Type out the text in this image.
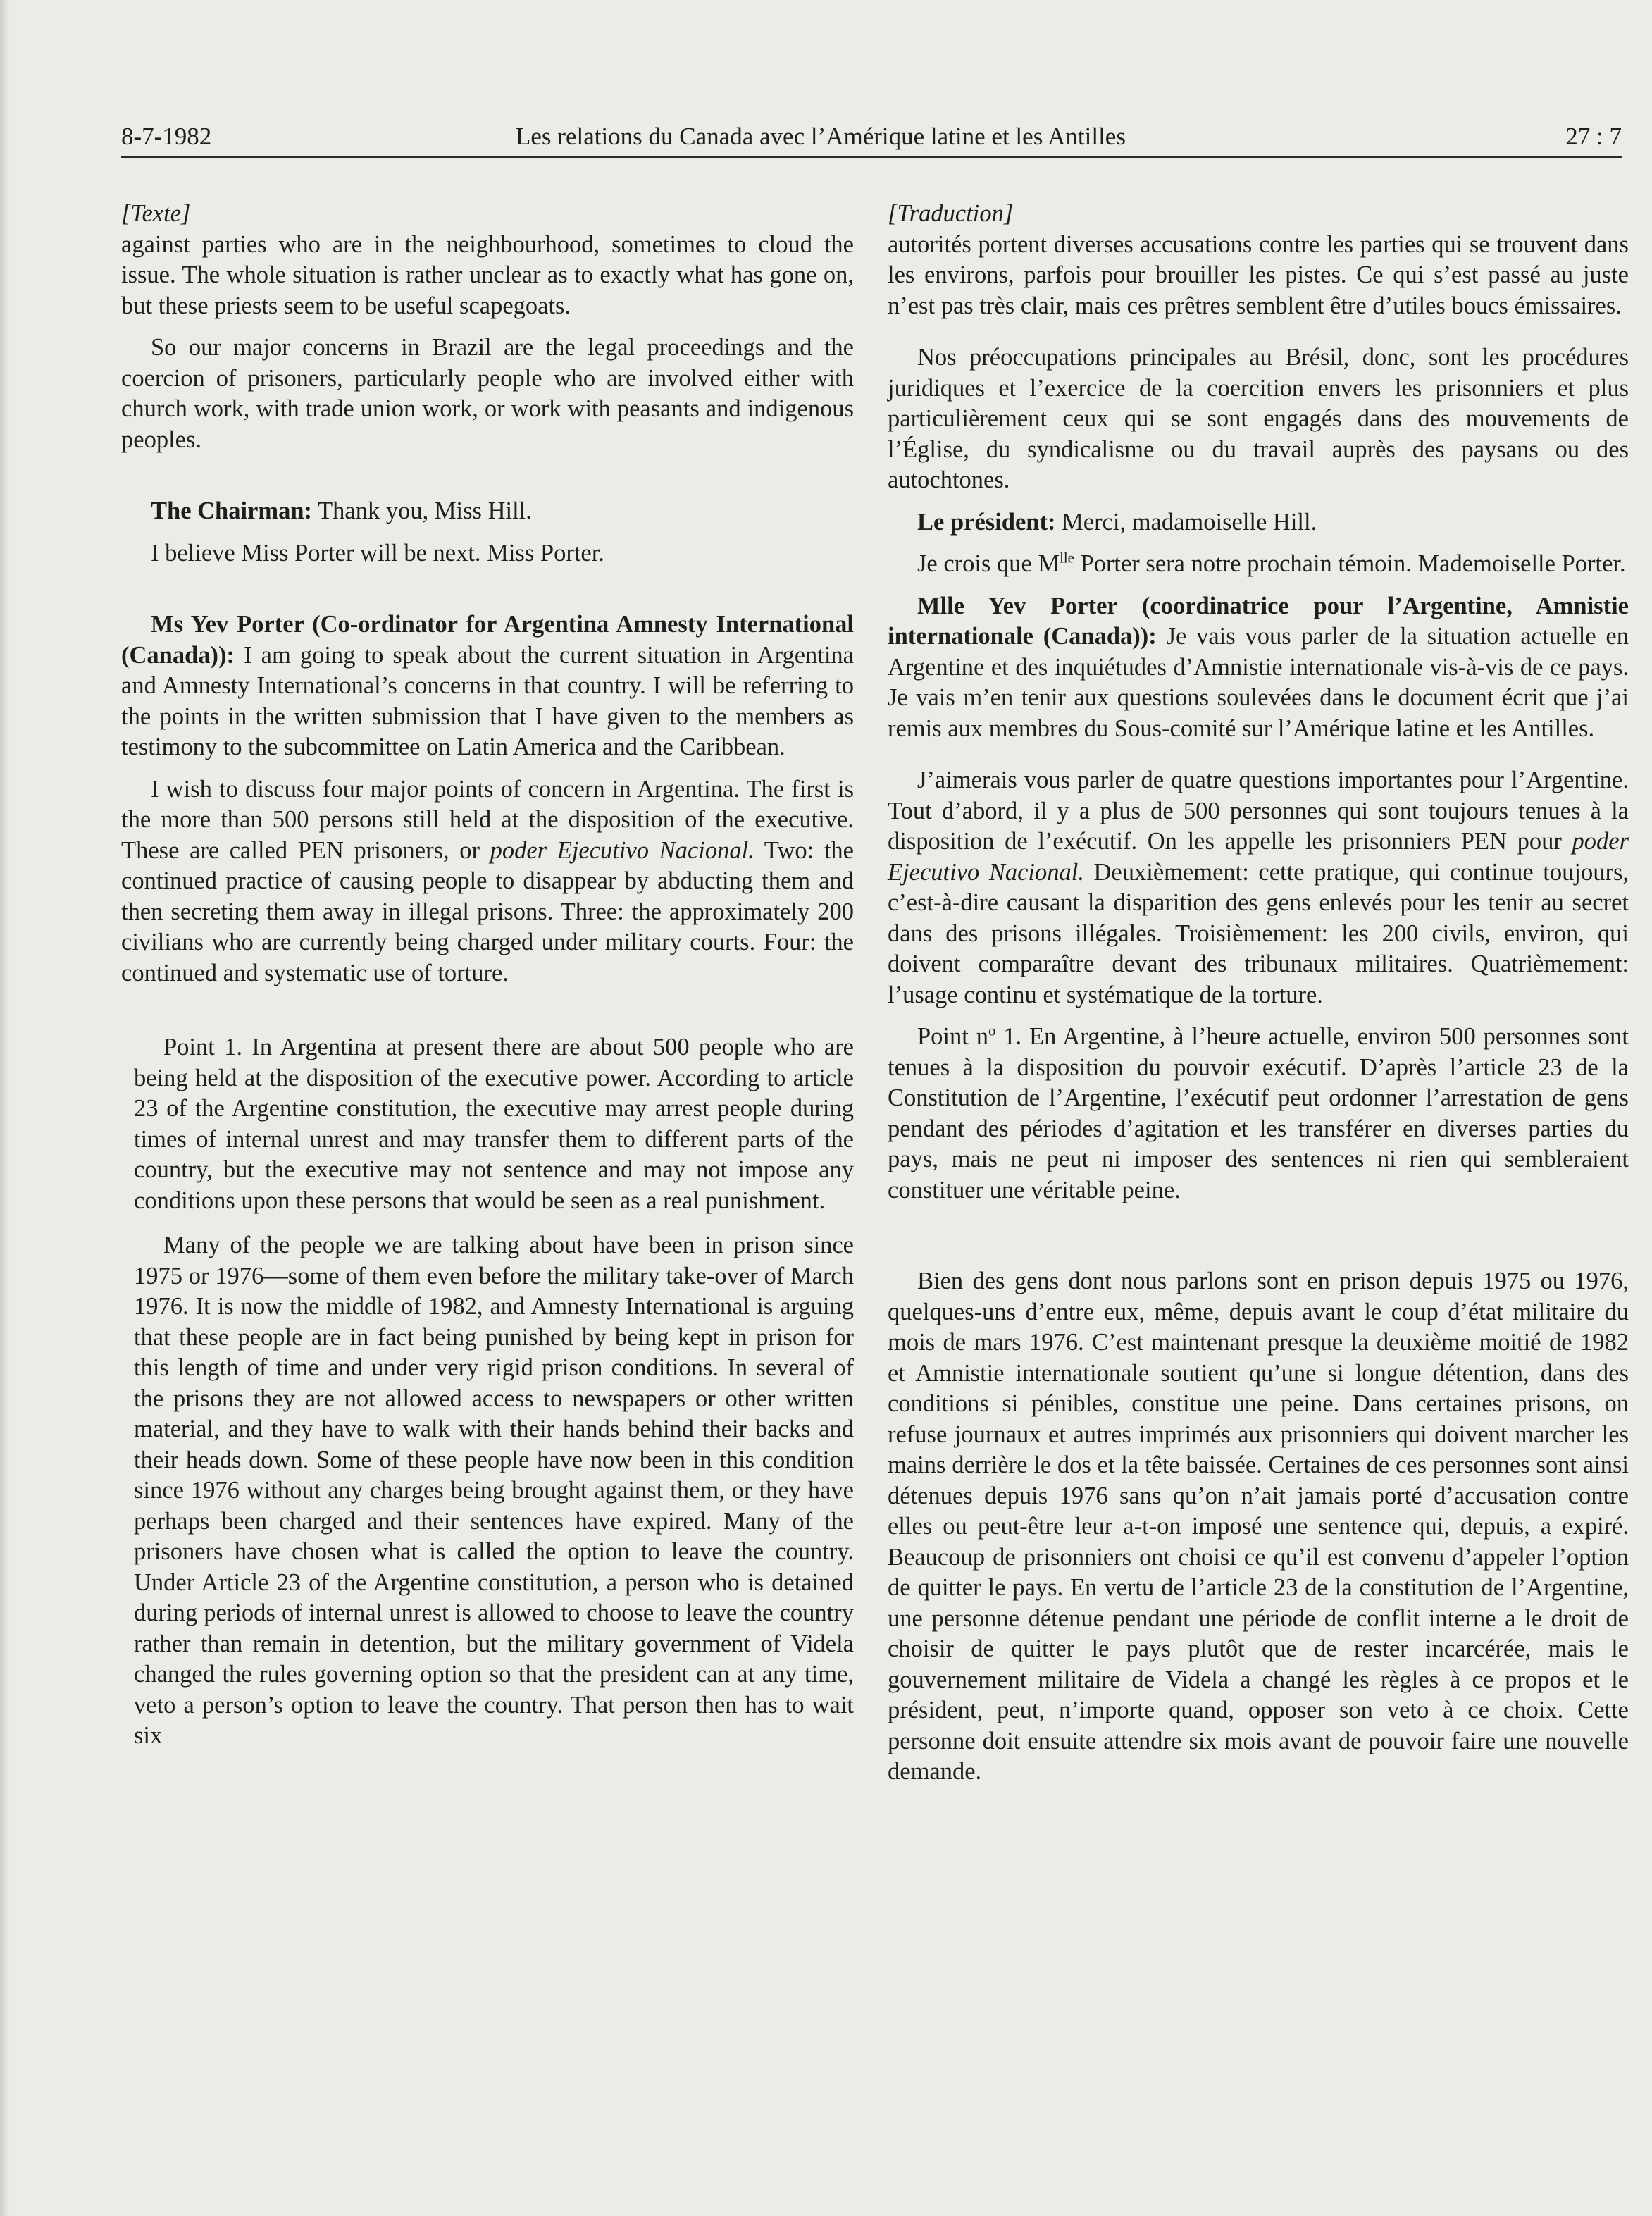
8-7-1982	Les relations du Canada avec l’Amérique latine et les Antilles	27 : 7

[Texte]

against parties who are in the neighbourhood, sometimes to cloud the issue. The whole situation is rather unclear as to exactly what has gone on, but these priests seem to be useful scapegoats.

So our major concerns in Brazil are the legal proceedings and the coercion of prisoners, particularly people who are involved either with church work, with trade union work, or work with peasants and indigenous peoples.

The Chairman: Thank you, Miss Hill.

I believe Miss Porter will be next. Miss Porter.

Ms Yev Porter (Co-ordinator for Argentina Amnesty International (Canada)): I am going to speak about the current situation in Argentina and Amnesty International’s concerns in that country. I will be referring to the points in the written submission that I have given to the members as testimony to the subcommittee on Latin America and the Caribbean.

I wish to discuss four major points of concern in Argentina. The first is the more than 500 persons still held at the disposition of the executive. These are called PEN prisoners, or poder Ejecutivo Nacional. Two: the continued practice of causing people to disappear by abducting them and then secreting them away in illegal prisons. Three: the approximately 200 civilians who are currently being charged under military courts. Four: the continued and systematic use of torture.

Point 1. In Argentina at present there are about 500 people who are being held at the disposition of the executive power. According to article 23 of the Argentine constitution, the executive may arrest people during times of internal unrest and may transfer them to different parts of the country, but the executive may not sentence and may not impose any conditions upon these persons that would be seen as a real punishment.

Many of the people we are talking about have been in prison since 1975 or 1976—some of them even before the military take-over of March 1976. It is now the middle of 1982, and Amnesty International is arguing that these people are in fact being punished by being kept in prison for this length of time and under very rigid prison conditions. In several of the prisons they are not allowed access to newspapers or other written material, and they have to walk with their hands behind their backs and their heads down. Some of these people have now been in this condition since 1976 without any charges being brought against them, or they have perhaps been charged and their sentences have expired. Many of the prisoners have chosen what is called the option to leave the country. Under Article 23 of the Argentine constitution, a person who is detained during periods of internal unrest is allowed to choose to leave the country rather than remain in detention, but the military government of Videla changed the rules governing option so that the president can at any time, veto a person’s option to leave the country. That person then has to wait six

[Traduction]

autorités portent diverses accusations contre les parties qui se trouvent dans les environs, parfois pour brouiller les pistes. Ce qui s’est passé au juste n’est pas très clair, mais ces prêtres semblent être d’utiles boucs émissaires.

Nos préoccupations principales au Brésil, donc, sont les procédures juridiques et l’exercice de la coercition envers les prisonniers et plus particulièrement ceux qui se sont engagés dans des mouvements de l’Église, du syndicalisme ou du travail auprès des paysans ou des autochtones.

Le président: Merci, madamoiselle Hill.

Je crois que $M^{lle}$ Porter sera notre prochain témoin. Mademoiselle Porter.

Mlle Yev Porter (coordinatrice pour l’Argentine, Amnistie internationale (Canada)): Je vais vous parler de la situation actuelle en Argentine et des inquiétudes d’Amnistie internationale vis-à-vis de ce pays. Je vais m’en tenir aux questions soulevées dans le document écrit que j’ai remis aux membres du Sous-comité sur l’Amérique latine et les Antilles.

J’aimerais vous parler de quatre questions importantes pour l’Argentine. Tout d’abord, il y a plus de 500 personnes qui sont toujours tenues à la disposition de l’exécutif. On les appelle les prisonniers PEN pour poder Ejecutivo Nacional. Deuxièmement: cette pratique, qui continue toujours, c’est-à-dire causant la disparition des gens enlevés pour les tenir au secret dans des prisons illégales. Troisièmement: les 200 civils, environ, qui doivent comparaître devant des tribunaux militaires. Quatrièmement: l’usage continu et systématique de la torture.

Point $n^o$ 1. En Argentine, à l’heure actuelle, environ 500 personnes sont tenues à la disposition du pouvoir exécutif. D’après l’article 23 de la Constitution de l’Argentine, l’exécutif peut ordonner l’arrestation de gens pendant des périodes d’agitation et les transférer en diverses parties du pays, mais ne peut ni imposer des sentences ni rien qui sembleraient constituer une véritable peine.

Bien des gens dont nous parlons sont en prison depuis 1975 ou 1976, quelques-uns d’entre eux, même, depuis avant le coup d’état militaire du mois de mars 1976. C’est maintenant presque la deuxième moitié de 1982 et Amnistie internationale soutient qu’une si longue détention, dans des conditions si pénibles, constitue une peine. Dans certaines prisons, on refuse journaux et autres imprimés aux prisonniers qui doivent marcher les mains derrière le dos et la tête baissée. Certaines de ces personnes sont ainsi détenues depuis 1976 sans qu’on n’ait jamais porté d’accusation contre elles ou peut-être leur a-t-on imposé une sentence qui, depuis, a expiré. Beaucoup de prisonniers ont choisi ce qu’il est convenu d’appeler l’option de quitter le pays. En vertu de l’article 23 de la constitution de l’Argentine, une personne détenue pendant une période de conflit interne a le droit de choisir de quitter le pays plutôt que de rester incarcérée, mais le gouvernement militaire de Videla a changé les règles à ce propos et le président, peut, n’importe quand, opposer son veto à ce choix. Cette personne doit ensuite attendre six mois avant de pouvoir faire une nouvelle demande.
